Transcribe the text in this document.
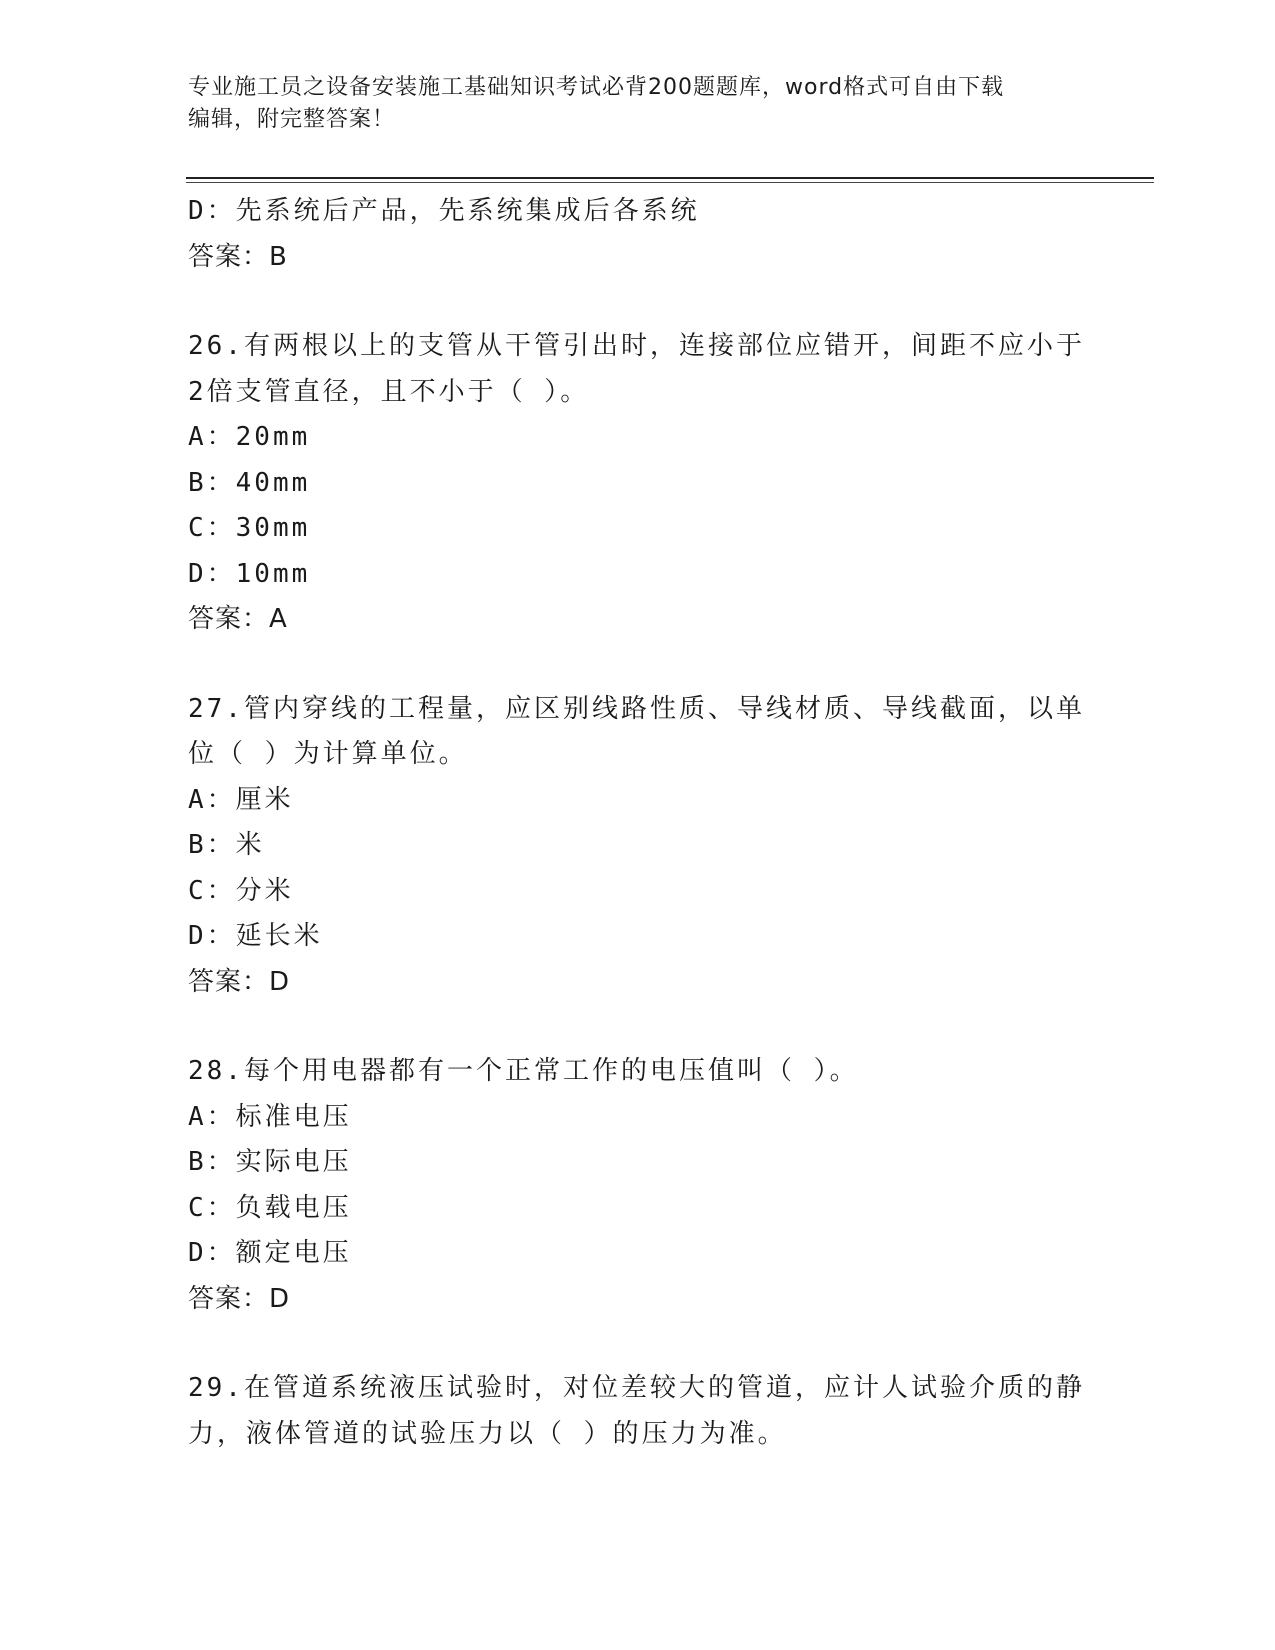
专业施工员之设备安装施工基础知识考试必背200题题库，word格式可自由下载
编辑，附完整答案！
D：先系统后产品，先系统集成后各系统
答案：B
26.有两根以上的支管从干管引出时，连接部位应错开，间距不应小于
2倍支管直径，且不小于（ ）。
A：20mm
B：40mm
C：30mm
D：10mm
答案：A
27.管内穿线的工程量，应区别线路性质、导线材质、导线截面，以单
位（ ）为计算单位。
A：厘米
B：米
C：分米
D：延长米
答案：D
28.每个用电器都有一个正常工作的电压值叫（ ）。
A：标准电压
B：实际电压
C：负载电压
D：额定电压
答案：D
29.在管道系统液压试验时，对位差较大的管道，应计人试验介质的静
力，液体管道的试验压力以（ ）的压力为准。
